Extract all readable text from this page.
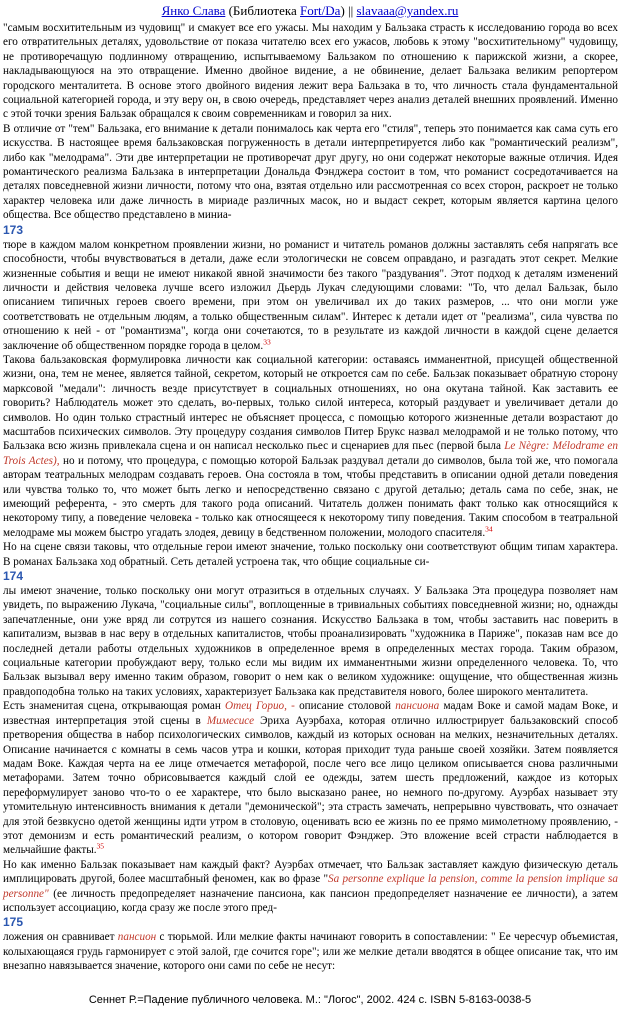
Янко Слава (Библиотека Fort/Da) || slavaaa@yandex.ru

"самым восхитительным из чудовищ" и смакует все его ужасы. Мы находим у Бальзака страсть к исследованию города во всех его отвратительных деталях, удовольствие от показа читателю всех его ужасов, любовь к этому "восхитительному" чудовищу, не противоречащую подлинному отвращению, испытываемому Бальзаком по отношению к парижской жизни, а скорее, накладывающуюся на это отвращение. Именно двойное видение, а не обвинение, делает Бальзака великим репортером городского менталитета. В основе этого двойного видения лежит вера Бальзака в то, что личность стала фундаментальной социальной категорией города, и эту веру он, в свою очередь, представляет через анализ деталей внешних проявлений. Именно с этой точки зрения Бальзак обращался к своим современникам и говорил за них.

В отличие от "тем" Бальзака, его внимание к детали понималось как черта его "стиля", теперь это понимается как сама суть его искусства. В настоящее время бальзаковская погруженность в детали интерпретируется либо как "романтический реализм", либо как "мелодрама". Эти две интерпретации не противоречат друг другу, но они содержат некоторые важные отличия. Идея романтического реализма Бальзака в интерпретации Дональда Фэнджера состоит в том, что романист сосредотачивается на деталях повседневной жизни личности, потому что она, взятая отдельно или рассмотренная со всех сторон, раскроет не только характер человека или даже личность в мириаде различных масок, но и выдаст секрет, которым является картина целого общества. Все общество представлено в миниа-

173

тюре в каждом малом конкретном проявлении жизни, но романист и читатель романов должны заставлять себя напрягать все способности, чтобы вчувствоваться в детали, даже если этологически не совсем оправдано, и разгадать этот секрет. Мелкие жизненные события и вещи не имеют никакой явной значимости без такого "раздувания". Этот подход к деталям изменений личности и действия человека лучше всего изложил Дьердь Лукач следующими словами: "То, что делал Бальзак, было описанием типичных героев своего времени, при этом он увеличивал их до таких размеров, ... что они могли уже соответствовать не отдельным людям, а только общественным силам". Интерес к детали идет от "реализма", сила чувства по отношению к ней - от "романтизма", когда они сочетаются, то в результате из каждой личности в каждой сцене делается заключение об общественном порядке города в целом.$^{33}$

Такова бальзаковская формулировка личности как социальной категории: оставаясь имманентной, присущей общественной жизни, она, тем не менее, является тайной, секретом, который не откроется сам по себе. Бальзак показывает обратную сторону марксовой "медали": личность везде присутствует в социальных отношениях, но она окутана тайной. Как заставить ее говорить? Наблюдатель может это сделать, во-первых, только силой интереса, который раздувает и увеличивает детали до символов. Но один только страстный интерес не объясняет процесса, с помощью которого жизненные детали возрастают до масштабов психических символов. Эту процедуру создания символов Питер Брукс назвал мелодрамой и не только потому, что Бальзака всю жизнь привлекала сцена и он написал несколько пьес и сценариев для пьес (первой была Le Nègre: Mélodrame en Trois Actes), но и потому, что процедура, с помощью которой Бальзак раздувал детали до символов, была той же, что помогала авторам театральных мелодрам создавать героев. Она состояла в том, чтобы представить в описании одной детали поведения или чувства только то, что может быть легко и непосредственно связано с другой деталью; деталь сама по себе, знак, не имеющий референта, - это смерть для такого рода описаний. Читатель должен понимать факт только как относящийся к некоторому типу, а поведение человека - только как относящееся к некоторому типу поведения. Таким способом в театральной мелодраме мы можем быстро угадать злодея, девицу в бедственном положении, молодого спасителя.$^{34}$

Но на сцене связи таковы, что отдельные герои имеют значение, только поскольку они соответствуют общим типам характера. В романах Бальзака ход обратный. Сеть деталей устроена так, что общие социальные си-

174

лы имеют значение, только поскольку они могут отразиться в отдельных случаях. У Бальзака Эта процедура позволяет нам увидеть, по выражению Лукача, "социальные силы", воплощенные в тривиальных событиях повседневной жизни; но, однажды запечатленные, они уже вряд ли сотрутся из нашего сознания. Искусство Бальзака в том, чтобы заставить нас поверить в капитализм, вызвав в нас веру в отдельных капиталистов, чтобы проанализировать "художника в Париже", показав нам все до последней детали работы отдельных художников в определенное время в определенных местах города. Таким образом, социальные категории пробуждают веру, только если мы видим их имманентными жизни определенного человека. То, что Бальзак вызывал веру именно таким образом, говорит о нем как о великом художнике: ощущение, что общественная жизнь правдоподобна только на таких условиях, характеризует Бальзака как представителя нового, более широкого менталитета.

Есть знаменитая сцена, открывающая роман Отец Горио, - описание столовой пансиона мадам Воке и самой мадам Воке, и известная интерпретация этой сцены в Мимесисе Эриха Ауэрбаха, которая отлично иллюстрирует бальзаковский способ претворения общества в набор психологических символов, каждый из которых основан на мелких, незначительных деталях. Описание начинается с комнаты в семь часов утра и кошки, которая приходит туда раньше своей хозяйки. Затем появляется мадам Воке. Каждая черта на ее лице отмечается метафорой, после чего все лицо целиком описывается снова различными метафорами. Затем точно обрисовывается каждый слой ее одежды, затем шесть предложений, каждое из которых переформулирует заново что-то о ее характере, что было высказано ранее, но немного по-другому. Ауэрбах называет эту утомительную интенсивность внимания к детали "демонической"; эта страсть замечать, непрерывно чувствовать, что означает для этой безвкусно одетой женщины идти утром в столовую, оценивать всю ее жизнь по ее прямо мимолетному проявлению, - этот демонизм и есть романтический реализм, о котором говорит Фэнджер. Это вложение всей страсти наблюдается в мельчайшие факты.$^{35}$

Но как именно Бальзак показывает нам каждый факт? Ауэрбах отмечает, что Бальзак заставляет каждую физическую деталь имплицировать другой, более масштабный феномен, как во фразе "Sa personne explique la pension, comme la pension implique sa personne" (ее личность предопределяет назначение пансиона, как пансион предопределяет назначение ее личности), а затем использует ассоциацию, когда сразу же после этого пред-

175

ложения он сравнивает пансион с тюрьмой. Или мелкие факты начинают говорить в сопоставлении: " Ее чересчур объемистая, колыхающаяся грудь гармонирует с этой залой, где сочится горе"; или же мелкие детали вводятся в общее описание так, что им внезапно навязывается значение, которого они сами по себе не несут:

Сеннет Р.=Падение публичного человека. М.: "Логос", 2002. 424 с. ISBN 5-8163-0038-5
